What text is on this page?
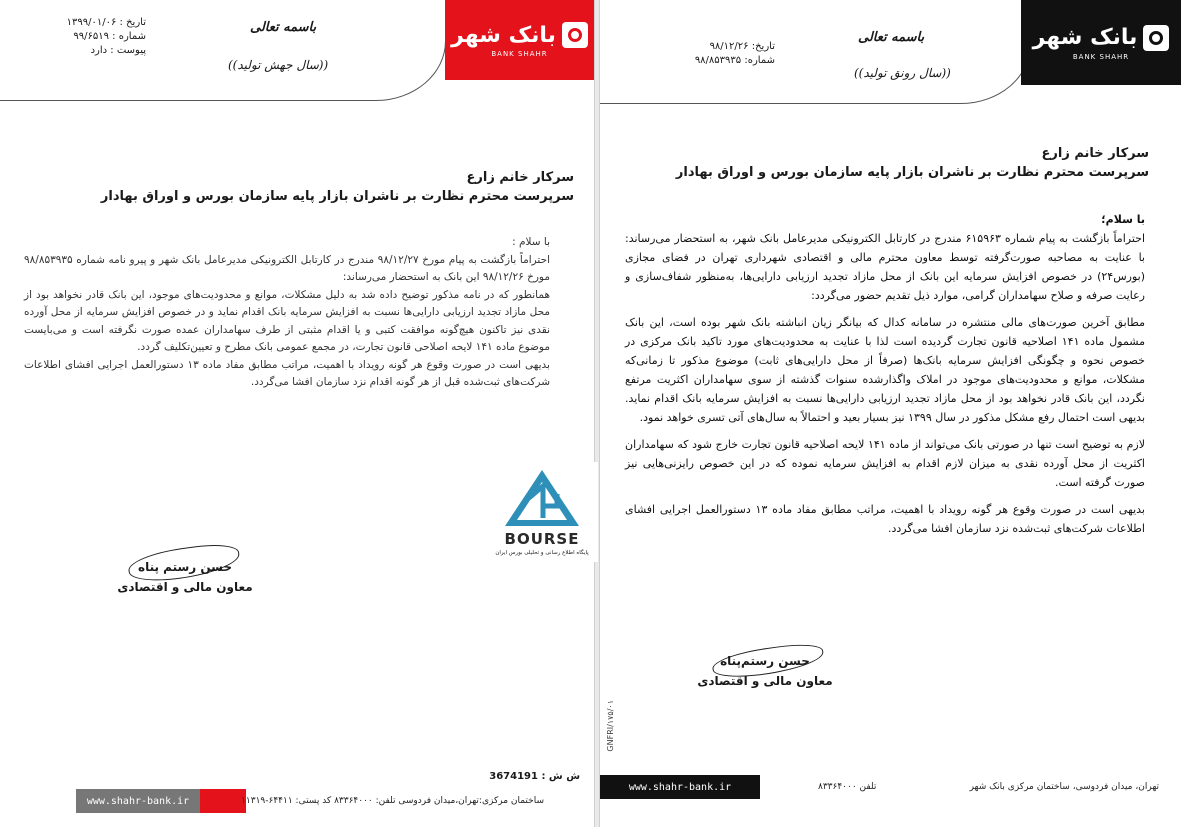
بانک شهر
BANK SHAHR
باسمه تعالی
((سال جهش تولید))
تاریخ : ۱۳۹۹/۰۱/۰۶
شماره : ۹۹/۶۵۱۹
پیوست : دارد
سرکار خانم زارع
سرپرست محترم نظارت بر ناشران بازار پایه سازمان بورس و اوراق بهادار

با سلام :

احتراماً بازگشت به پیام مورخ ۹۸/۱۲/۲۷ مندرج در کارتابل الکترونیکی مدیرعامل بانک شهر و پیرو نامه شماره ۹۸/۸۵۳۹۳۵ مورخ ۹۸/۱۲/۲۶ این بانک به استحضار می‌رساند:

همانطور که در نامه مذکور توضیح داده شد به دلیل مشکلات، موانع و محدودیت‌های موجود، این بانک قادر نخواهد بود از محل مازاد تجدید ارزیابی دارایی‌ها نسبت به افزایش سرمایه بانک اقدام نماید و در خصوص افزایش سرمایه از محل آورده نقدی نیز تاکنون هیچ‌گونه موافقت کتبی و یا اقدام مثبتی از طرف سهامداران عمده صورت نگرفته است و می‌بایست موضوع ماده ۱۴۱ لایحه اصلاحی قانون تجارت، در مجمع عمومی بانک مطرح و تعیین‌تکلیف گردد.

بدیهی است در صورت وقوع هر گونه رویداد با اهمیت، مراتب مطابق مفاد ماده ۱۳ دستورالعمل اجرایی افشای اطلاعات شرکت‌های ثبت‌شده قبل از هر گونه اقدام نزد سازمان افشا می‌گردد.

حسن رستم پناه
معاون مالی و اقتصادی
ش ش : 3674191
www.shahr-bank.ir	ساختمان مرکزی:تهران،میدان فردوسی تلفن: ۸۳۳۶۴۰۰۰ کد پستی: ۶۴۴۱۱-۱۱۳۱۹
بانک شهر
BANK SHAHR
باسمه تعالی
((سال رونق تولید))
تاریخ: ۹۸/۱۲/۲۶
شماره: ۹۸/۸۵۳۹۳۵
سرکار خانم زارع
سرپرست محترم نظارت بر ناشران بازار پایه سازمان بورس و اوراق بهادار

با سلام؛

احتراماً بازگشت به پیام شماره ۶۱۵۹۶۳ مندرج در کارتابل الکترونیکی مدیرعامل بانک شهر، به استحضار می‌رساند: با عنایت به مصاحبه صورت‌گرفته توسط معاون محترم مالی و اقتصادی شهرداری تهران در فضای مجازی (بورس۲۴) در خصوص افزایش سرمایه این بانک از محل مازاد تجدید ارزیابی دارایی‌ها، به‌منظور شفاف‌سازی و رعایت صرفه و صلاح سهامداران گرامی، موارد ذیل تقدیم حضور می‌گردد:

مطابق آخرین صورت‌های مالی منتشره در سامانه کدال که بیانگر زیان انباشته بانک شهر بوده است، این بانک مشمول ماده ۱۴۱ اصلاحیه قانون تجارت گردیده است لذا با عنایت به محدودیت‌های مورد تاکید بانک مرکزی در خصوص نحوه و چگونگی افزایش سرمایه بانک‌ها (صرفاً از محل دارایی‌های ثابت) موضوع مذکور تا زمانی‌که مشکلات، موانع و محدودیت‌های موجود در املاک واگذارشده سنوات گذشته از سوی سهامداران اکثریت مرتفع نگردد، این بانک قادر نخواهد بود از محل مازاد تجدید ارزیابی دارایی‌ها نسبت به افزایش سرمایه بانک اقدام نماید. بدیهی است احتمال رفع مشکل مذکور در سال ۱۳۹۹ نیز بسیار بعید و احتمالاً به سال‌های آتی تسری خواهد نمود.

لازم به توضیح است تنها در صورتی بانک می‌تواند از ماده ۱۴۱ لایحه اصلاحیه قانون تجارت خارج شود که سهامداران اکثریت از محل آورده نقدی به میزان لازم اقدام به افزایش سرمایه نموده که در این خصوص رایزنی‌هایی نیز صورت گرفته است.

بدیهی است در صورت وقوع هر گونه رویداد با اهمیت، مراتب مطابق مفاد ماده ۱۳ دستورالعمل اجرایی افشای اطلاعات شرکت‌های ثبت‌شده نزد سازمان افشا می‌گردد.

حسن رستم‌پناه
معاون مالی و اقتصادی
www.shahr-bank.ir	تلفن ۸۳۳۶۴۰۰۰	تهران، میدان فردوسی، ساختمان مرکزی بانک شهر
GNFRI/۱۷۵/۰۱
BOURSE
پایگاه اطلاع رسانی و تحلیلی بورس ایران
